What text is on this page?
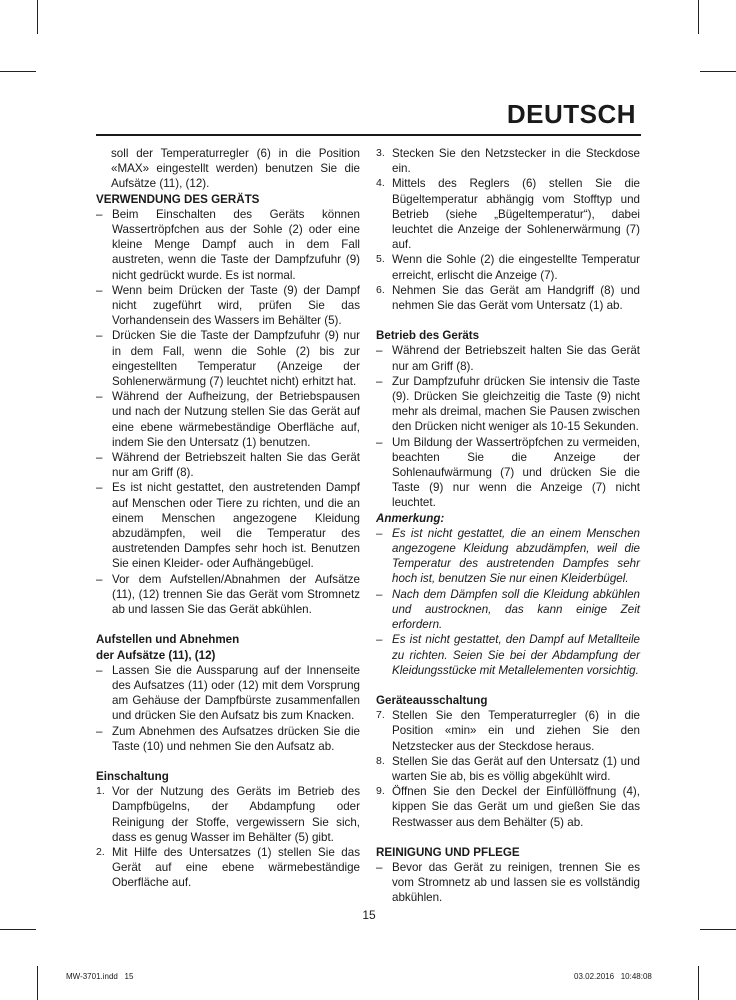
DEUTSCH

soll der Temperaturregler (6) in die Position «MAX» eingestellt werden) benutzen Sie die Aufsätze (11), (12).

VERWENDUNG DES GERÄTS

– Beim Einschalten des Geräts können Wassertröpfchen aus der Sohle (2) oder eine kleine Menge Dampf auch in dem Fall austreten, wenn die Taste der Dampfzufuhr (9) nicht gedrückt wurde. Es ist normal.
– Wenn beim Drücken der Taste (9) der Dampf nicht zugeführt wird, prüfen Sie das Vorhandensein des Wassers im Behälter (5).
– Drücken Sie die Taste der Dampfzufuhr (9) nur in dem Fall, wenn die Sohle (2) bis zur eingestellten Temperatur (Anzeige der Sohlenerwärmung (7) leuchtet nicht) erhitzt hat.
– Während der Aufheizung, der Betriebspausen und nach der Nutzung stellen Sie das Gerät auf eine ebene wärmebeständige Oberfläche auf, indem Sie den Untersatz (1) benutzen.
– Während der Betriebszeit halten Sie das Gerät nur am Griff (8).
– Es ist nicht gestattet, den austretenden Dampf auf Menschen oder Tiere zu richten, und die an einem Menschen angezogene Kleidung abzudämpfen, weil die Temperatur des austretenden Dampfes sehr hoch ist. Benutzen Sie einen Kleider- oder Aufhängebügel.
– Vor dem Aufstellen/Abnahmen der Aufsätze (11), (12) trennen Sie das Gerät vom Stromnetz ab und lassen Sie das Gerät abkühlen.

Aufstellen und Abnehmen

der Aufsätze (11), (12)

– Lassen Sie die Aussparung auf der Innenseite des Aufsatzes (11) oder (12) mit dem Vorsprung am Gehäuse der Dampfbürste zusammenfallen und drücken Sie den Aufsatz bis zum Knacken.
– Zum Abnehmen des Aufsatzes drücken Sie die Taste (10) und nehmen Sie den Aufsatz ab.

Einschaltung

1. Vor der Nutzung des Geräts im Betrieb des Dampfbügelns, der Abdampfung oder Reinigung der Stoffe, vergewissern Sie sich, dass es genug Wasser im Behälter (5) gibt.
2. Mit Hilfe des Untersatzes (1) stellen Sie das Gerät auf eine ebene wärmebeständige Oberfläche auf.
3. Stecken Sie den Netzstecker in die Steckdose ein.
4. Mittels des Reglers (6) stellen Sie die Bügeltemperatur abhängig vom Stofftyp und Betrieb (siehe „Bügeltemperatur“), dabei leuchtet die Anzeige der Sohlenerwärmung (7) auf.
5. Wenn die Sohle (2) die eingestellte Temperatur erreicht, erlischt die Anzeige (7).
6. Nehmen Sie das Gerät am Handgriff (8) und nehmen Sie das Gerät vom Untersatz (1) ab.

Betrieb des Geräts

– Während der Betriebszeit halten Sie das Gerät nur am Griff (8).
– Zur Dampfzufuhr drücken Sie intensiv die Taste (9). Drücken Sie gleichzeitig die Taste (9) nicht mehr als dreimal, machen Sie Pausen zwischen den Drücken nicht weniger als 10-15 Sekunden.
– Um Bildung der Wassertröpfchen zu vermeiden, beachten Sie die Anzeige der Sohlenaufwärmung (7) und drücken Sie die Taste (9) nur wenn die Anzeige (7) nicht leuchtet.

Anmerkung:

– Es ist nicht gestattet, die an einem Menschen angezogene Kleidung abzudämpfen, weil die Temperatur des austretenden Dampfes sehr hoch ist, benutzen Sie nur einen Kleiderbügel.
– Nach dem Dämpfen soll die Kleidung abkühlen und austrocknen, das kann einige Zeit erfordern.
– Es ist nicht gestattet, den Dampf auf Metallteile zu richten. Seien Sie bei der Abdampfung der Kleidungsstücke mit Metallelementen vorsichtig.

Geräteausschaltung

7. Stellen Sie den Temperaturregler (6) in die Position «min» ein und ziehen Sie den Netzstecker aus der Steckdose heraus.
8. Stellen Sie das Gerät auf den Untersatz (1) und warten Sie ab, bis es völlig abgekühlt wird.
9. Öffnen Sie den Deckel der Einfüllöffnung (4), kippen Sie das Gerät um und gießen Sie das Restwasser aus dem Behälter (5) ab.

REINIGUNG UND PFLEGE

– Bevor das Gerät zu reinigen, trennen Sie es vom Stromnetz ab und lassen sie es vollständig abkühlen.
15
MW-3701.indd   15	03.02.2016   10:48:08
